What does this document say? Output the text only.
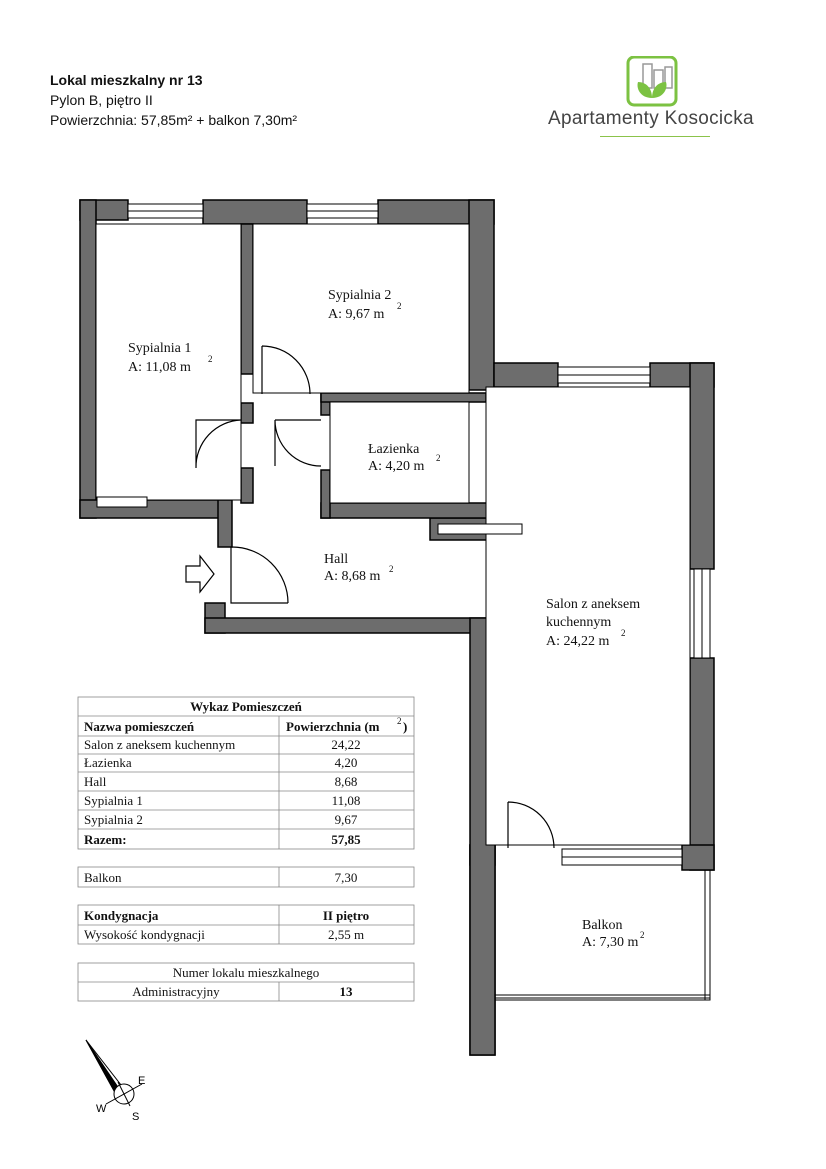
Lokal mieszkalny nr 13
Pylon B, piętro II
Powierzchnia: 57,85m² + balkon 7,30m²	Apartamenty Kosocicka
Sypialnia 1
A: 11,08 m
2
Sypialnia 2
A: 9,67 m
2
Łazienka
A: 4,20 m
2
Hall
A: 8,68 m 2
Salon z aneksem
kuchennym
A: 24,22 m
2
Balkon
A: 7,30 m 2
Wykaz Pomieszczeń
Nazwa pomieszczeń	Powierzchnia (m 2 )
Salon z aneksem kuchennym	24,22
Łazienka	4,20
Hall	8,68
Sypialnia 1	11,08
Sypialnia 2	9,67
Razem:	57,85
Balkon	7,30
Kondygnacja	II piętro
Wysokość kondygnacji	2,55 m
Numer lokalu mieszkalnego
Administracyjny	13
E
W
S
